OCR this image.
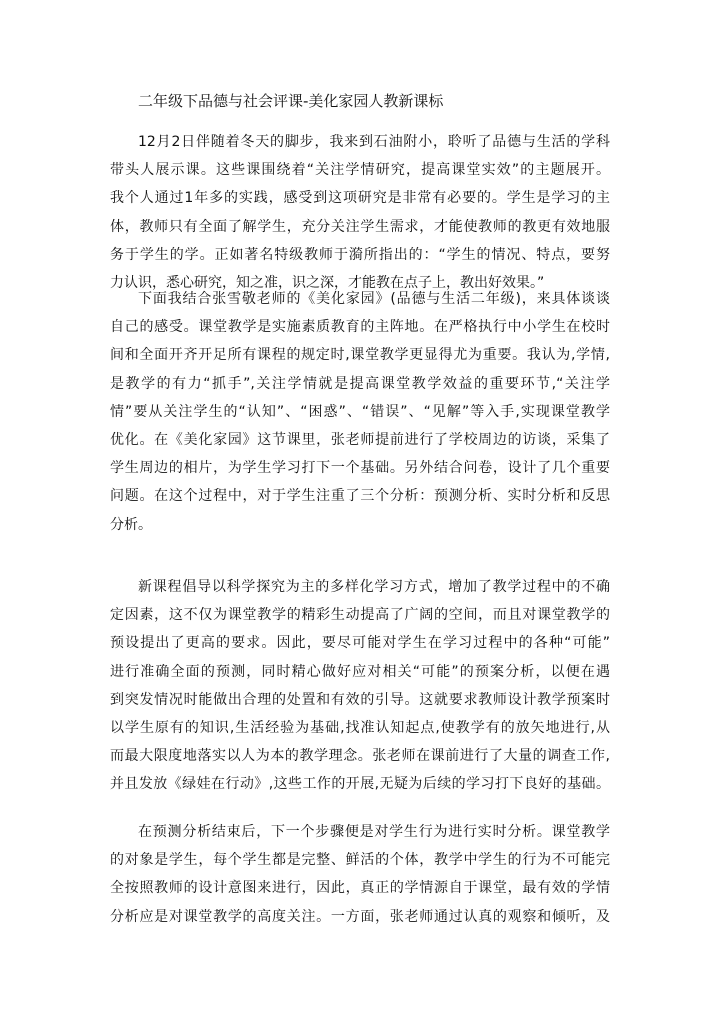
二年级下品德与社会评课-美化家园人教新课标
12月2日伴随着冬天的脚步，我来到石油附小，聆听了品德与生活的学科
带头人展示课。这些课围绕着“关注学情研究，提高课堂实效”的主题展开。
我个人通过1年多的实践，感受到这项研究是非常有必要的。学生是学习的主
体，教师只有全面了解学生，充分关注学生需求，才能使教师的教更有效地服
务于学生的学。正如著名特级教师于漪所指出的：“学生的情况、特点，要努
力认识，悉心研究，知之准，识之深，才能教在点子上，教出好效果。”
下面我结合张雪敬老师的《美化家园》(品德与生活二年级)，来具体谈谈
自己的感受。课堂教学是实施素质教育的主阵地。在严格执行中小学生在校时
间和全面开齐开足所有课程的规定时,课堂教学更显得尤为重要。我认为,学情,
是教学的有力“抓手”,关注学情就是提高课堂教学效益的重要环节,“关注学
情”要从关注学生的“认知”、“困惑”、“错误”、“见解”等入手,实现课堂教学
优化。在《美化家园》这节课里，张老师提前进行了学校周边的访谈，采集了
学生周边的相片，为学生学习打下一个基础。另外结合问卷，设计了几个重要
问题。在这个过程中，对于学生注重了三个分析：预测分析、实时分析和反思
分析。
新课程倡导以科学探究为主的多样化学习方式，增加了教学过程中的不确
定因素，这不仅为课堂教学的精彩生动提高了广阔的空间，而且对课堂教学的
预设提出了更高的要求。因此，要尽可能对学生在学习过程中的各种“可能”
进行准确全面的预测，同时精心做好应对相关“可能”的预案分析，以便在遇
到突发情况时能做出合理的处置和有效的引导。这就要求教师设计教学预案时
以学生原有的知识,生活经验为基础,找准认知起点,使教学有的放矢地进行,从
而最大限度地落实以人为本的教学理念。张老师在课前进行了大量的调查工作,
并且发放《绿娃在行动》,这些工作的开展,无疑为后续的学习打下良好的基础。
在预测分析结束后，下一个步骤便是对学生行为进行实时分析。课堂教学
的对象是学生，每个学生都是完整、鲜活的个体，教学中学生的行为不可能完
全按照教师的设计意图来进行，因此，真正的学情源自于课堂，最有效的学情
分析应是对课堂教学的高度关注。一方面，张老师通过认真的观察和倾听，及
